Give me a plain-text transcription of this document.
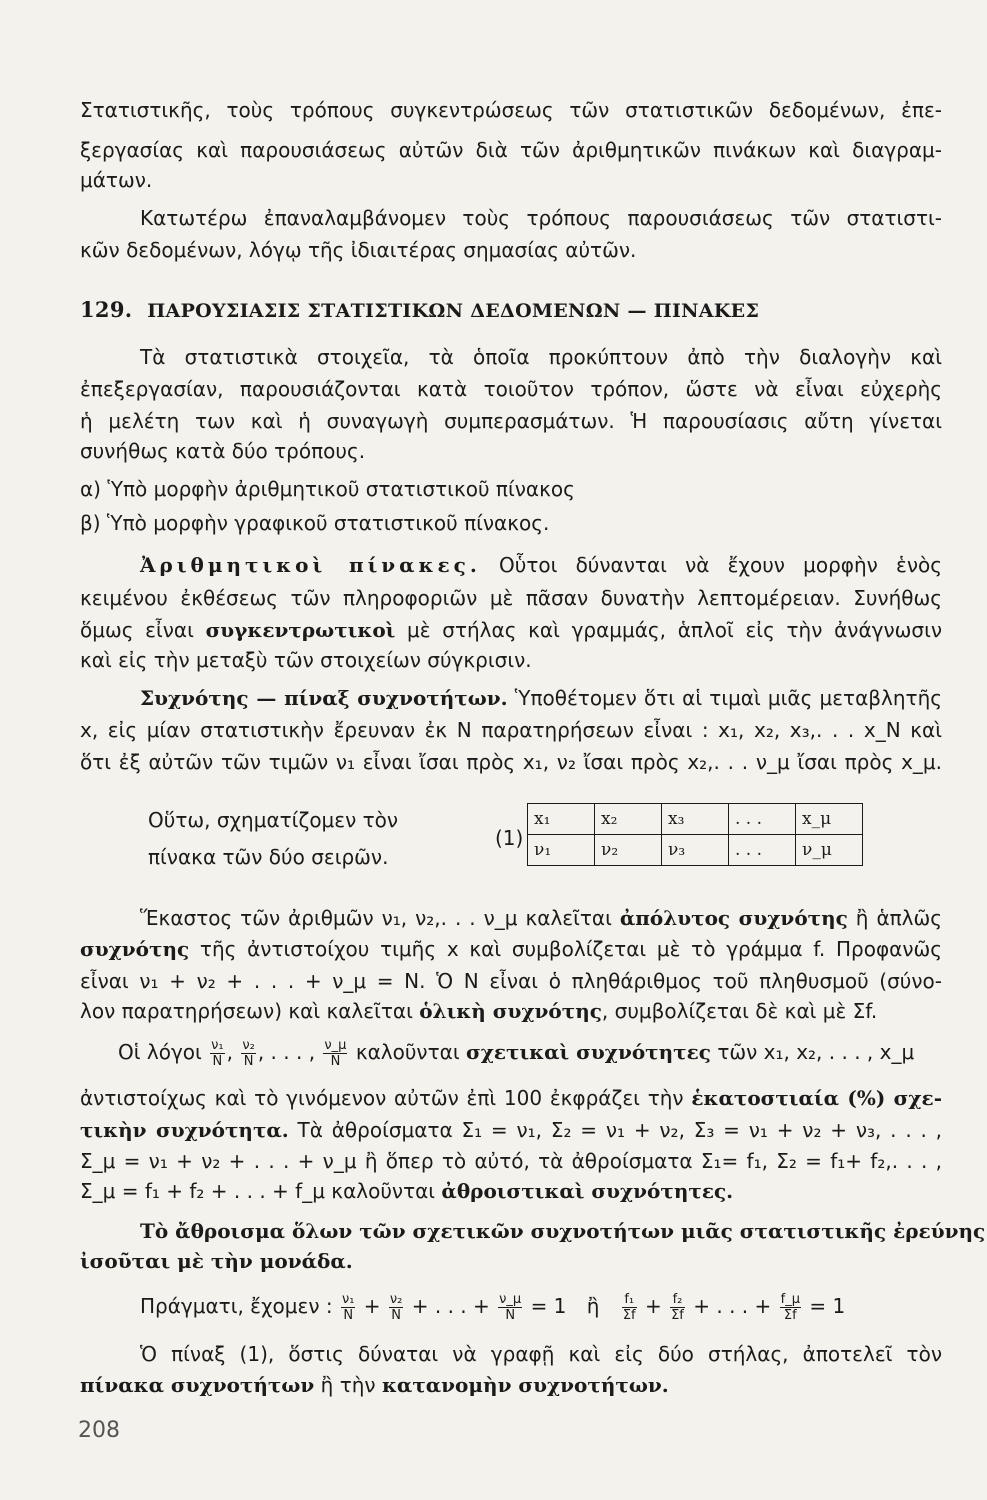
Στατιστικῆς, τοὺς τρόπους συγκεντρώσεως τῶν στατιστικῶν δεδομένων, ἐπε-
ξεργασίας καὶ παρουσιάσεως αὐτῶν διὰ τῶν ἀριθμητικῶν πινάκων καὶ διαγραμ-
μάτων.
Κατωτέρω ἐπαναλαμβάνομεν τοὺς τρόπους παρουσιάσεως τῶν στατιστι-
κῶν δεδομένων, λόγῳ τῆς ἰδιαιτέρας σημασίας αὐτῶν.
129. ΠΑΡΟΥΣΙΑΣΙΣ ΣΤΑΤΙΣΤΙΚΩΝ ΔΕΔΟΜΕΝΩΝ — ΠΙΝΑΚΕΣ
Τὰ στατιστικὰ στοιχεῖα, τὰ ὁποῖα προκύπτουν ἀπὸ τὴν διαλογὴν καὶ
ἐπεξεργασίαν, παρουσιάζονται κατὰ τοιοῦτον τρόπον, ὥστε νὰ εἶναι εὐχερὴς
ἡ μελέτη των καὶ ἡ συναγωγὴ συμπερασμάτων. Ἡ παρουσίασις αὔτη γίνεται
συνήθως κατὰ δύο τρόπους.
α) Ὑπὸ μορφὴν ἀριθμητικοῦ στατιστικοῦ πίνακος
β) Ὑπὸ μορφὴν γραφικοῦ στατιστικοῦ πίνακος.
Ἀριθμητικοὶ πίνακες. Οὗτοι δύνανται νὰ ἔχουν μορφὴν ἑνὸς
κειμένου ἐκθέσεως τῶν πληροφοριῶν μὲ πᾶσαν δυνατὴν λεπτομέρειαν. Συνήθως
ὅμως εἶναι συγκεντρωτικοὶ μὲ στήλας καὶ γραμμάς, ἁπλοῖ εἰς τὴν ἀνάγνωσιν
καὶ εἰς τὴν μεταξὺ τῶν στοιχείων σύγκρισιν.
Συχνότης — πίναξ συχνοτήτων. Ὑποθέτομεν ὅτι αἱ τιμαὶ μιᾶς μεταβλητῆς
x, εἰς μίαν στατιστικὴν ἔρευναν ἐκ N παρατηρήσεων εἶναι : x₁, x₂, x₃,. . . x_N καὶ
ὅτι ἐξ αὐτῶν τῶν τιμῶν ν₁ εἶναι ἴσαι πρὸς x₁, ν₂ ἴσαι πρὸς x₂,. . . ν_μ ἴσαι πρὸς x_μ.
Οὕτω, σχηματίζομεν τὸν
πίνακα τῶν δύο σειρῶν.
(1)
x₁	x₂	x₃	. . .	x_μ
ν₁	ν₂	ν₃	. . .	ν_μ
Ἕκαστος τῶν ἀριθμῶν ν₁, ν₂,. . . ν_μ καλεῖται ἀπόλυτος συχνότης ἢ ἁπλῶς
συχνότης τῆς ἀντιστοίχου τιμῆς x καὶ συμβολίζεται μὲ τὸ γράμμα f. Προφανῶς
εἶναι ν₁ + ν₂ + . . . + ν_μ = N. Ὁ N εἶναι ὁ πληθάριθμος τοῦ πληθυσμοῦ (σύνο-
λον παρατηρήσεων) καὶ καλεῖται ὁλικὴ συχνότης, συμβολίζεται δὲ καὶ μὲ Σf.
Οἱ λόγοι $\frac{\text{ν₁}}{N}$ , $\frac{\text{ν₂}}{N}$ , . . . , $\frac{\nu\_\mu}{N}$ καλοῦνται σχετικαὶ συχνότητες τῶν x₁, x₂, . . . , x_μ
ἀντιστοίχως καὶ τὸ γινόμενον αὐτῶν ἐπὶ 100 ἐκφράζει τὴν ἑκατοστιαία (%) σχε-
τικὴν συχνότητα. Τὰ ἀθροίσματα Σ₁ = ν₁, Σ₂ = ν₁ + ν₂, Σ₃ = ν₁ + ν₂ + ν₃, . . . ,
Σ_μ = ν₁ + ν₂ + . . . + ν_μ ἢ ὅπερ τὸ αὐτό, τὰ ἀθροίσματα Σ₁= f₁, Σ₂ = f₁+ f₂,. . . ,
Σ_μ = f₁ + f₂ + . . . + f_μ καλοῦνται ἀθροιστικαὶ συχνότητες.
Τὸ ἄθροισμα ὅλων τῶν σχετικῶν συχνοτήτων μιᾶς στατιστικῆς ἐρεύνης
ἰσοῦται μὲ τὴν μονάδα.
Πράγματι, ἔχομεν : $\frac{\text{ν₁}}{N} + \frac{\text{ν₂}}{N}$ + . . . + $\frac{\nu\_\mu}{N} = 1$ ἢ $\frac{\text{f₁}}{\Sigma f} + \frac{\text{f₂}}{\Sigma f}$ + . . . + $\frac{f\_\mu}{\Sigma f} = 1$
Ὁ πίναξ (1), ὅστις δύναται νὰ γραφῇ καὶ εἰς δύο στήλας, ἀποτελεῖ τὸν
πίνακα συχνοτήτων ἢ τὴν κατανομὴν συχνοτήτων.
208
